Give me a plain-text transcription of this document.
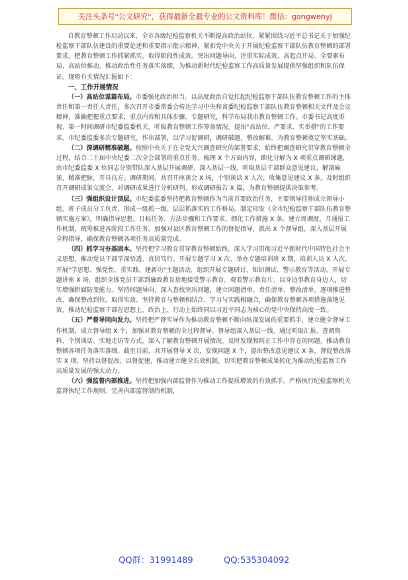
关注头条号"公文研究"，获得最新全最专业的公文资料库！微信：gongwenyj

自教育整顿工作启动以来，全市各级纪检监察机关不断提高政治站位，紧紧围绕习近平总书记关于加强纪检监察干部队伍建设的重要论述和重要指示批示精神，紧扣党中央关于开展纪检监察干部队伍教育整顿的部署要求，把教育整顿工作抓紧抓实，取得阶段性成效。突出问题导向，注重实际成效，高起点开局、全要素布局、高站位推动，推动政治性任务落实落细，为推动新时代纪检监察工作高质量发展提供坚强组织和队伍保证。现将有关情况汇报如下：

一、工作开展情况

（一）高站位谋篇布局。市委强化政治担当，以高度政治自觉扛起纪检监察干部队伍教育整顿工作的主体责任和第一责任人责任，多次召开市委常委会传达学习中央和省委纪检监察干部队伍教育整顿相关文件及会议精神，准确把握重点要求，重点内容和具体步骤，专题研究，科学布局我市教育整顿工作。市委书记高度重视，第一时间调研市纪委监委机关，听取教育整顿工作筹备情况，提出"高站位、严要求、实举措"的工作要求。市纪委监委多次专题研究，作出部署，以学习促调研，调研破题，整改解难，为教育整顿奠定坚实基础。

（二）深调研精准破题。按照中央关于在全党大兴调查研究的部署要求，始终把调查研究贯穿教育整顿全过程，结合二十届中央纪委二次全会部署的重点任务，梳理 X 个方面内容，细化分解为 X 项重点调研课题，由市纪委监委 X 位同志分别带队深入基层开展调研，深入基层一线，听取基层干部群众意见建议，解剖麻雀，精准把脉，开具良方。调研期间，共召开座谈会 X 场，个别谈话 X 人次，收集意见建议 X 条。及时组织召开调研成果交流会，对调研成果进行分析研判，形成调研报告 X 篇，为教育整顿提供决策参考。

（三）强组织设计顶层。市纪委监委坚持把教育整顿作为当前首要政治任务，主要领导挂帅成立领导小组，班子成员分工负责，形成一级抓一级、层层抓落实的工作格局。制定印发《全市纪检监察干部队伍教育整顿实施方案》，明确指导思想、目标任务、方法步骤和工作要求，细化工作措施 X 条。建立周调度、月通报工作机制，统筹推进各阶段工作任务。加强对县区教育整顿工作的督促指导，派出 X 个督导组，深入基层开展全程指导，确保教育整顿各项任务高质量完成。

（四）抓学习夯基固本。坚持把学习教育贯穿教育整顿始终，深入学习贯彻习近平新时代中国特色社会主义思想，推动党员干部学深悟透、真信笃行。开展专题学习 X 次，举办专题培训班 X 期，培训人员 X 人次。开展"学思想、强党性、重实践、建新功"主题活动，组织开展专题研讨、知识测试、警示教育等活动。开展专题讲座 X 场，组织全体党员干部到廉政教育基地接受警示教育，观看警示教育片，以身边事教育身边人，切实增强拒腐防变能力。坚持问题导向，深入查找突出问题，建立问题清单、责任清单、整改清单，逐项推进整改，确保整改到位、取得实效。坚持教育与整顿相结合、学习与实践相融合，确保教育整顿各项措施落地见效，推动纪检监察干部在思想上、政治上、行动上始终同以习近平同志为核心的党中央保持高度一致。

（五）严督导同向发力。坚持把严督实导作为推动教育整顿不断向纵深发展的重要抓手，建立健全督导工作机制，成立督导组 X 个，加强对教育整顿的全过程督导。督导组深入基层一线，通过听取汇报、查阅资料、个别谈话、实地走访等方式，深入了解教育整顿开展情况，及时发现和纠正工作中存在的问题，推动教育整顿各项任务落实落细。截至目前，共开展督导 X 次，发现问题 X 个，提出整改意见建议 X 条，督促整改落实 X 项。坚持以督促改、以督促建，推动建立健全长效机制，切实把教育整顿成果转化为推动纪检监察工作高质量发展的强大动力。

（六）强监督内部推进。坚持把加强内部监督作为推动工作提质增效的有效抓手，严格执行纪检监察机关监督执纪工作规则，完善内部监督制约机制，

QQ群：31991489	QQ:535304092
